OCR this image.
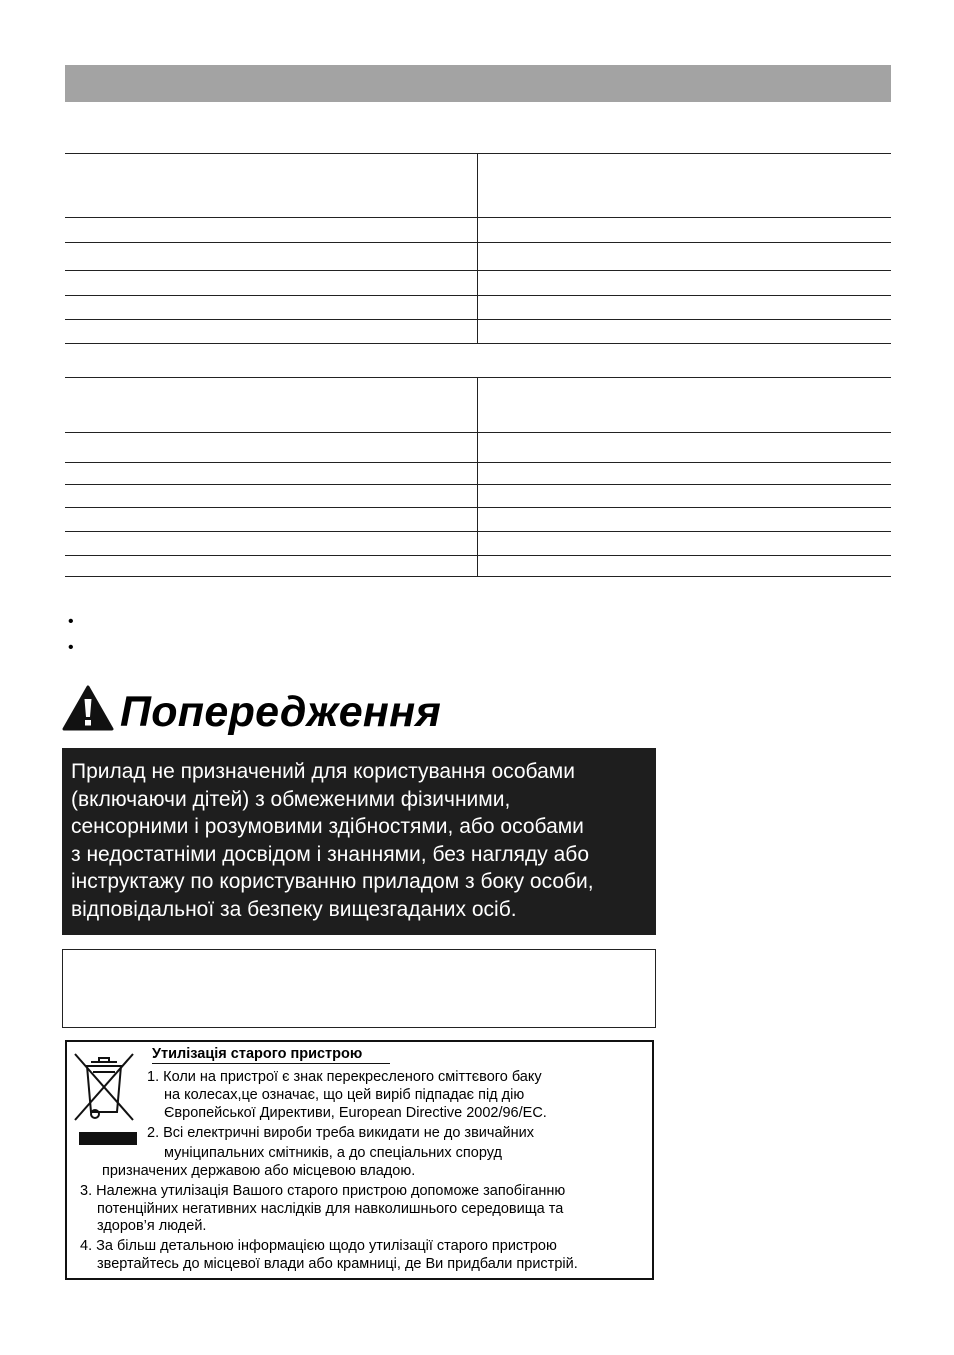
•
•
Попередження
Прилад не призначений для користування особами
(включаючи дітей) з обмеженими фізичними,
сенсорними і розумовими здібностями, або особами
з недостатніми досвідом і знаннями, без нагляду або
інструктажу по користуванню приладом з боку особи,
відповідальної за безпеку вищезгаданих осіб.
Утилізація старого пристрою
1. Коли на пристрої є знак перекресленого сміттєвого баку
на колесах,це означає, що цей виріб підпадає під дію
Європейської Директиви, European Directive 2002/96/EC.
2. Всі електричні вироби треба викидати не до звичайних
муніципальних смітників, а до спеціальних споруд
призначених державою або місцевою владою.
3. Належна утилізація Вашого старого пристрою допоможе запобіганню
потенційних негативних наслідків для навколишнього середовища та
здоров’я людей.
4. За більш детальною інформацією щодо утилізації старого пристрою
звертайтесь до місцевої влади або крамниці, де Ви придбали пристрій.
